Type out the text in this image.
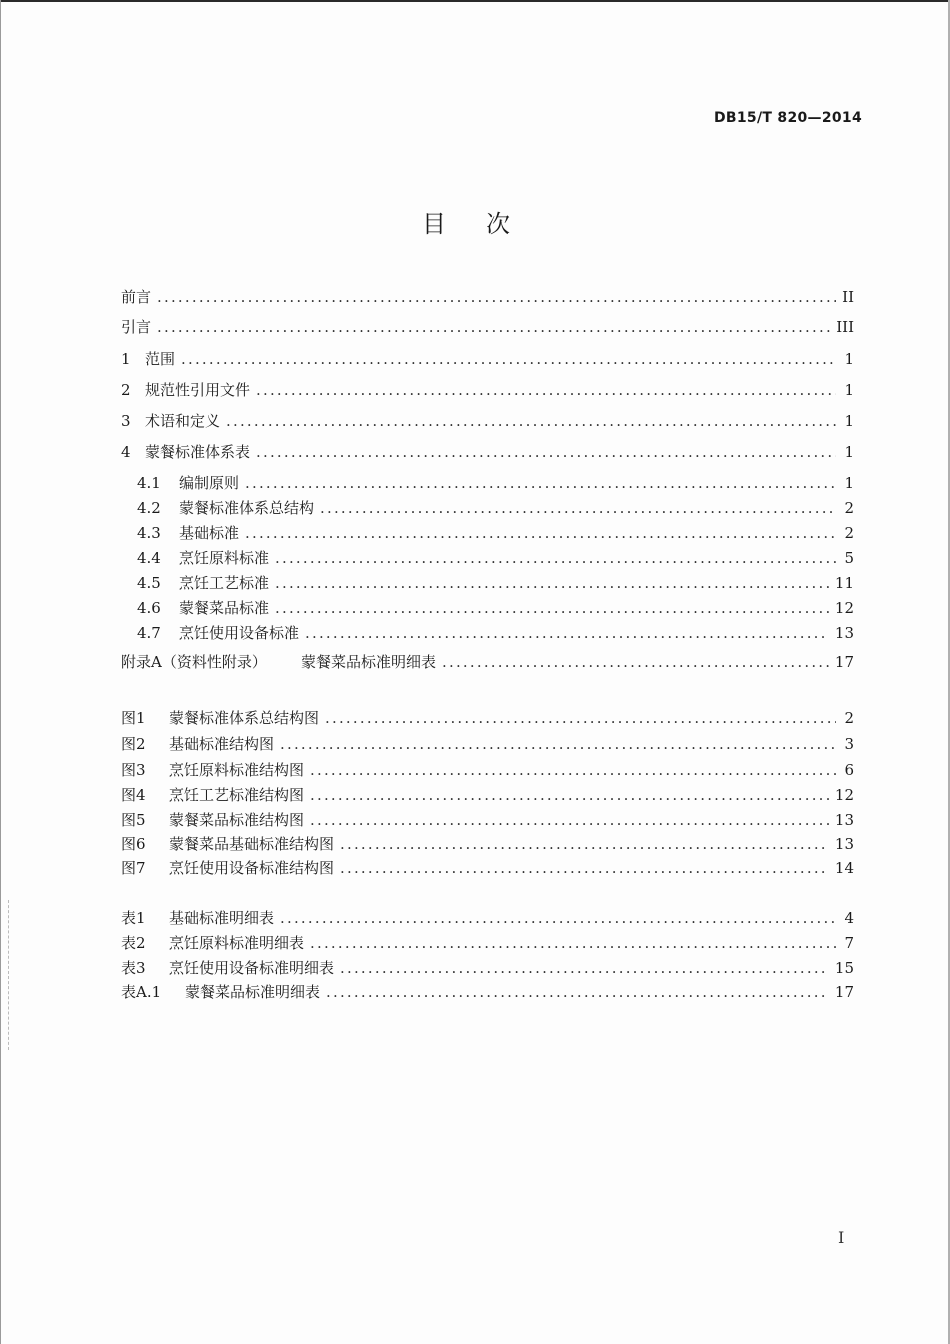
DB15/T 820—2014
目次
前言 .....	II
引言 .....	III
1 范围 .....	1
2 规范性引用文件 .....	1
3 术语和定义 .....	1
4 蒙餐标准体系表 .....	1
4.1	编制原则 .....	1
4.2	蒙餐标准体系总结构 .....	2
4.3	基础标准 .....	2
4.4	烹饪原料标准 .....	5
4.5	烹饪工艺标准 .....	11
4.6	蒙餐菜品标准 .....	12
4.7	烹饪使用设备标准 .....	13
附录A（资料性附录）	蒙餐菜品标准明细表 .....	17
图1	蒙餐标准体系总结构图 .....	2
图2	基础标准结构图 .....	3
图3	烹饪原料标准结构图 .....	6
图4	烹饪工艺标准结构图 .....	12
图5	蒙餐菜品标准结构图 .....	13
图6	蒙餐菜品基础标准结构图 .....	13
图7	烹饪使用设备标准结构图 .....	14
表1	基础标准明细表 .....	4
表2	烹饪原料标准明细表 .....	7
表3	烹饪使用设备标准明细表 .....	15
表A.1	蒙餐菜品标准明细表 .....	17
I
